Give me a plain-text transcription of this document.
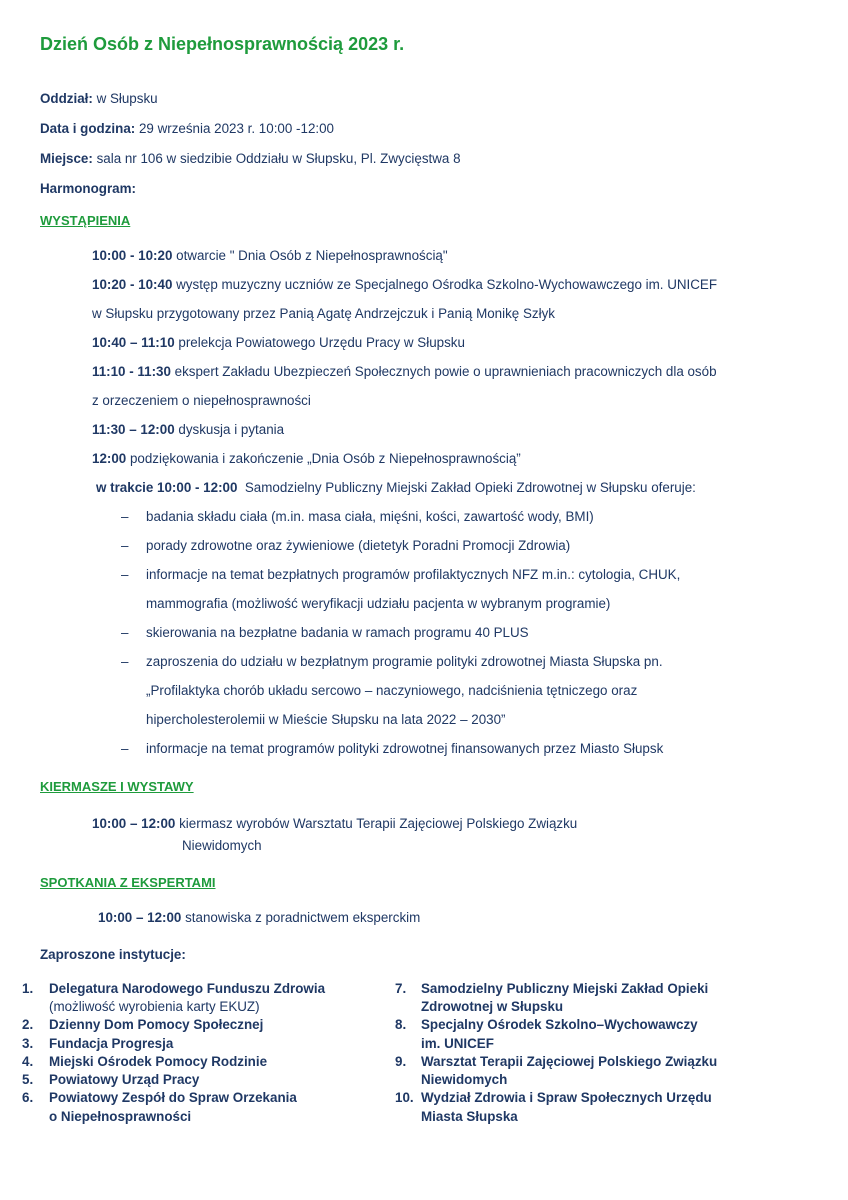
Dzień Osób z Niepełnosprawnością 2023 r.
Oddział: w Słupsku
Data i godzina: 29 września 2023 r. 10:00 -12:00
Miejsce: sala nr 106 w siedzibie Oddziału w Słupsku, Pl. Zwycięstwa 8
Harmonogram:
WYSTĄPIENIA
10:00 - 10:20 otwarcie " Dnia Osób z Niepełnosprawnością"
10:20 - 10:40 występ muzyczny uczniów ze Specjalnego Ośrodka Szkolno-Wychowawczego im. UNICEF
w Słupsku przygotowany przez Panią Agatę Andrzejczuk i Panią Monikę Szłyk
10:40 – 11:10 prelekcja Powiatowego Urzędu Pracy w Słupsku
11:10 - 11:30 ekspert Zakładu Ubezpieczeń Społecznych powie o uprawnieniach pracowniczych dla osób
z orzeczeniem o niepełnosprawności
11:30 – 12:00 dyskusja i pytania
12:00 podziękowania i zakończenie „Dnia Osób z Niepełnosprawnością”
w trakcie 10:00 - 12:00  Samodzielny Publiczny Miejski Zakład Opieki Zdrowotnej w Słupsku oferuje:
– badania składu ciała (m.in. masa ciała, mięśni, kości, zawartość wody, BMI)
– porady zdrowotne oraz żywieniowe (dietetyk Poradni Promocji Zdrowia)
– informacje na temat bezpłatnych programów profilaktycznych NFZ m.in.: cytologia, CHUK,
mammografia (możliwość weryfikacji udziału pacjenta w wybranym programie)
– skierowania na bezpłatne badania w ramach programu 40 PLUS
– zaproszenia do udziału w bezpłatnym programie polityki zdrowotnej Miasta Słupska pn.
„Profilaktyka chorób układu sercowo – naczyniowego, nadciśnienia tętniczego oraz
hipercholesterolemii w Mieście Słupsku na lata 2022 – 2030”
– informacje na temat programów polityki zdrowotnej finansowanych przez Miasto Słupsk
KIERMASZE I WYSTAWY
10:00 – 12:00 kiermasz wyrobów Warsztatu Terapii Zajęciowej Polskiego Związku
Niewidomych
SPOTKANIA Z EKSPERTAMI
10:00 – 12:00 stanowiska z poradnictwem eksperckim
Zaproszone instytucje:
1. Delegatura Narodowego Funduszu Zdrowia
(możliwość wyrobienia karty EKUZ)
2. Dzienny Dom Pomocy Społecznej
3. Fundacja Progresja
4. Miejski Ośrodek Pomocy Rodzinie
5. Powiatowy Urząd Pracy
6. Powiatowy Zespół do Spraw Orzekania
o Niepełnosprawności
7. Samodzielny Publiczny Miejski Zakład Opieki
Zdrowotnej w Słupsku
8. Specjalny Ośrodek Szkolno–Wychowawczy
im. UNICEF
9. Warsztat Terapii Zajęciowej Polskiego Związku
Niewidomych
10. Wydział Zdrowia i Spraw Społecznych Urzędu
Miasta Słupska
